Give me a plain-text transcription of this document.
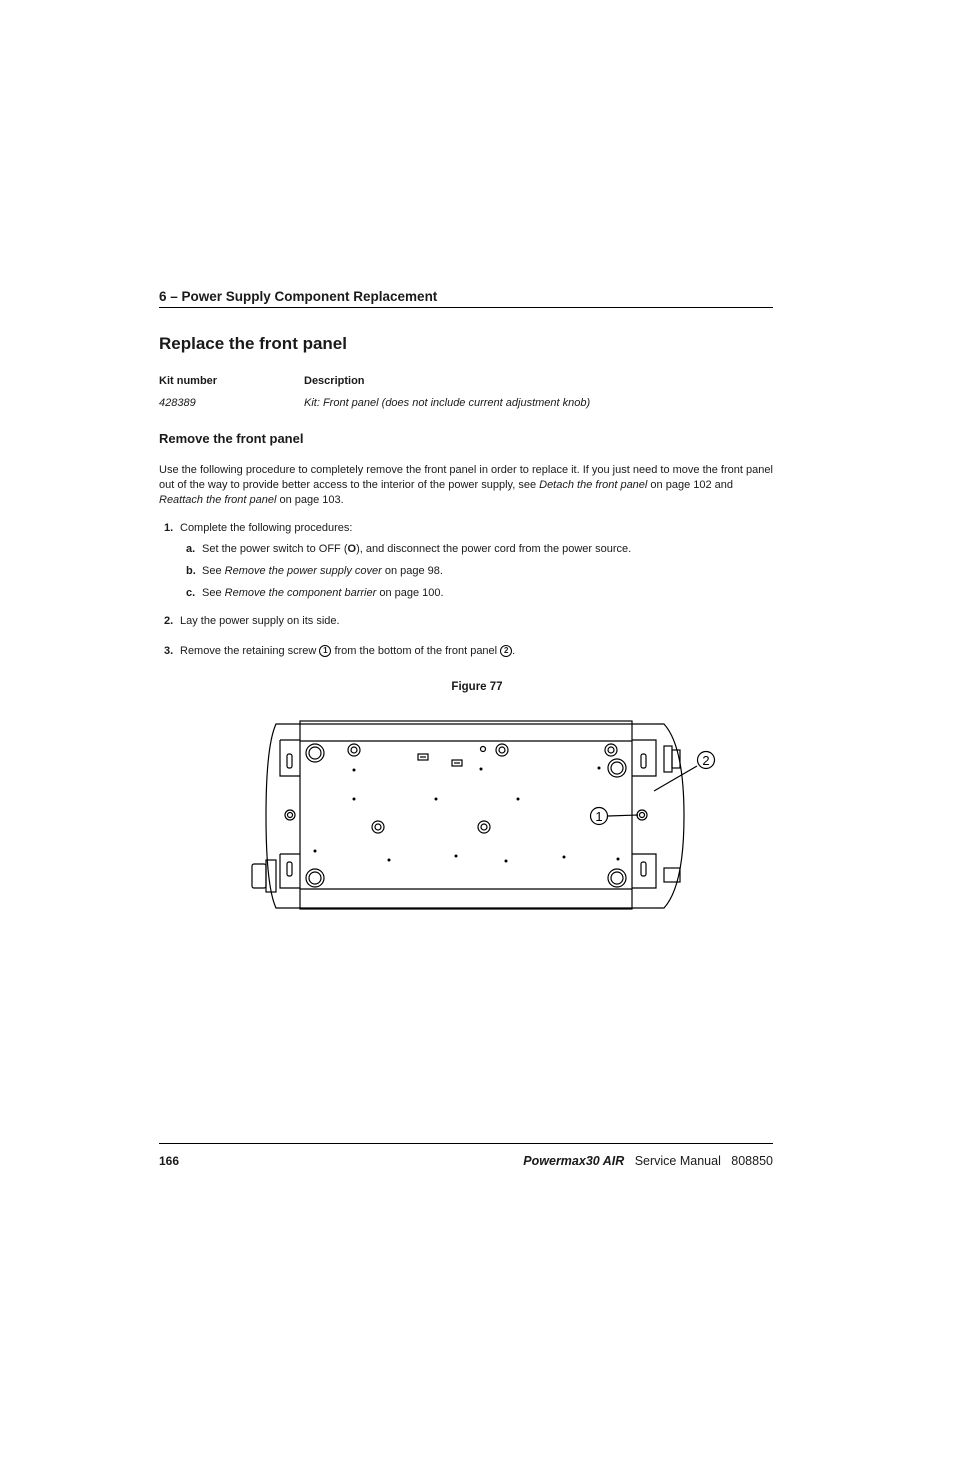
6 – Power Supply Component Replacement
Replace the front panel
Kit number	Description
428389	Kit: Front panel (does not include current adjustment knob)
Remove the front panel
Use the following procedure to completely remove the front panel in order to replace it. If you just need to move the front panel out of the way to provide better access to the interior of the power supply, see Detach the front panel on page 102 and Reattach the front panel on page 103.
1. Complete the following procedures:
a. Set the power switch to OFF (O), and disconnect the power cord from the power source.
b. See Remove the power supply cover on page 98.
c. See Remove the component barrier on page 100.
2. Lay the power supply on its side.
3. Remove the retaining screw 1 from the bottom of the front panel 2 .
Figure 77
2
1
166	Powermax30 AIR Service Manual 808850
